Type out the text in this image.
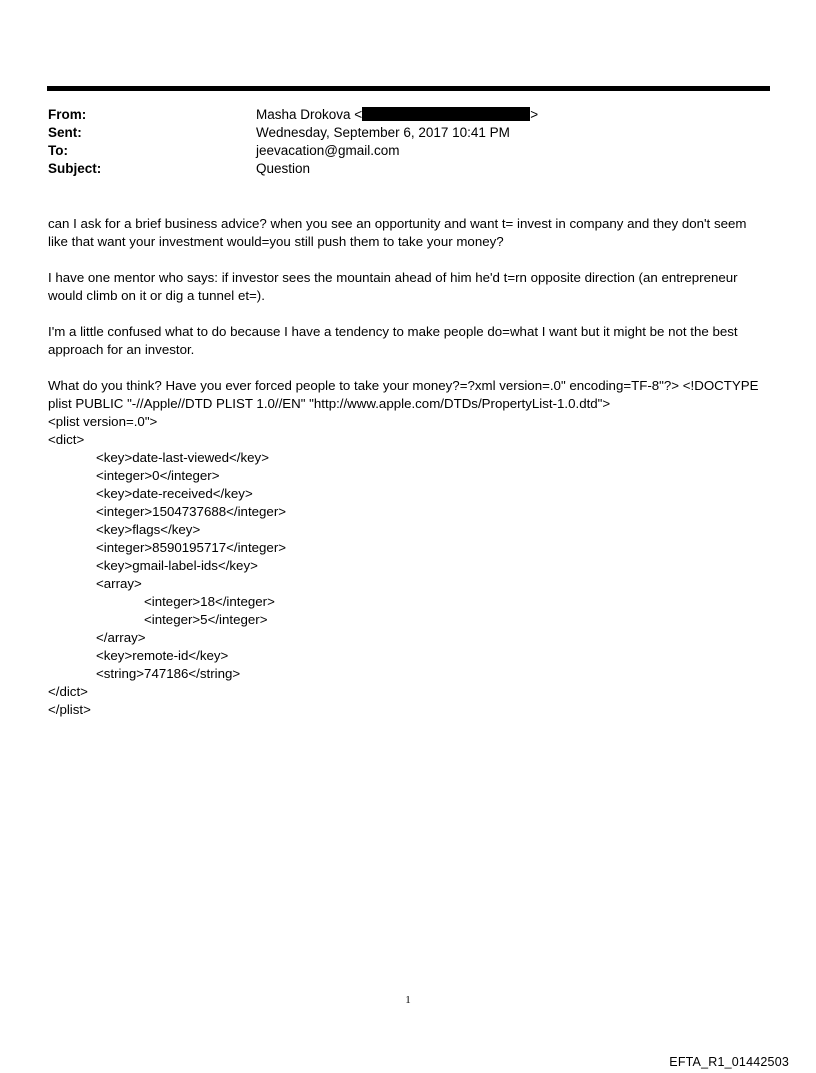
From:	Masha Drokova <	>
Sent:	Wednesday, September 6, 2017 10:41 PM
To:	jeevacation@gmail.com
Subject:	Question

can I ask for a brief business advice? when you see an opportunity and want t= invest in company and they don't seem like that want your investment would=you still push them to take your money?

I have one mentor who says: if investor sees the mountain ahead of him he'd t=rn opposite direction (an entrepreneur would climb on it or dig a tunnel et=).

I'm a little confused what to do because I have a tendency to make people do=what I want but it might be not the best approach for an investor.

What do you think? Have you ever forced people to take your money?=?xml version=.0" encoding=TF-8"?> <!DOCTYPE plist PUBLIC "-//Apple//DTD PLIST 1.0//EN" "http://www.apple.com/DTDs/PropertyList-1.0.dtd">

<plist version=.0">
<dict>
<key>date-last-viewed</key>
<integer>0</integer>
<key>date-received</key>
<integer>1504737688</integer>
<key>flags</key>
<integer>8590195717</integer>
<key>gmail-label-ids</key>
<array>
<integer>18</integer>
<integer>5</integer>
</array>
<key>remote-id</key>
<string>747186</string>
</dict>
</plist>
1
EFTA_R1_01442503
